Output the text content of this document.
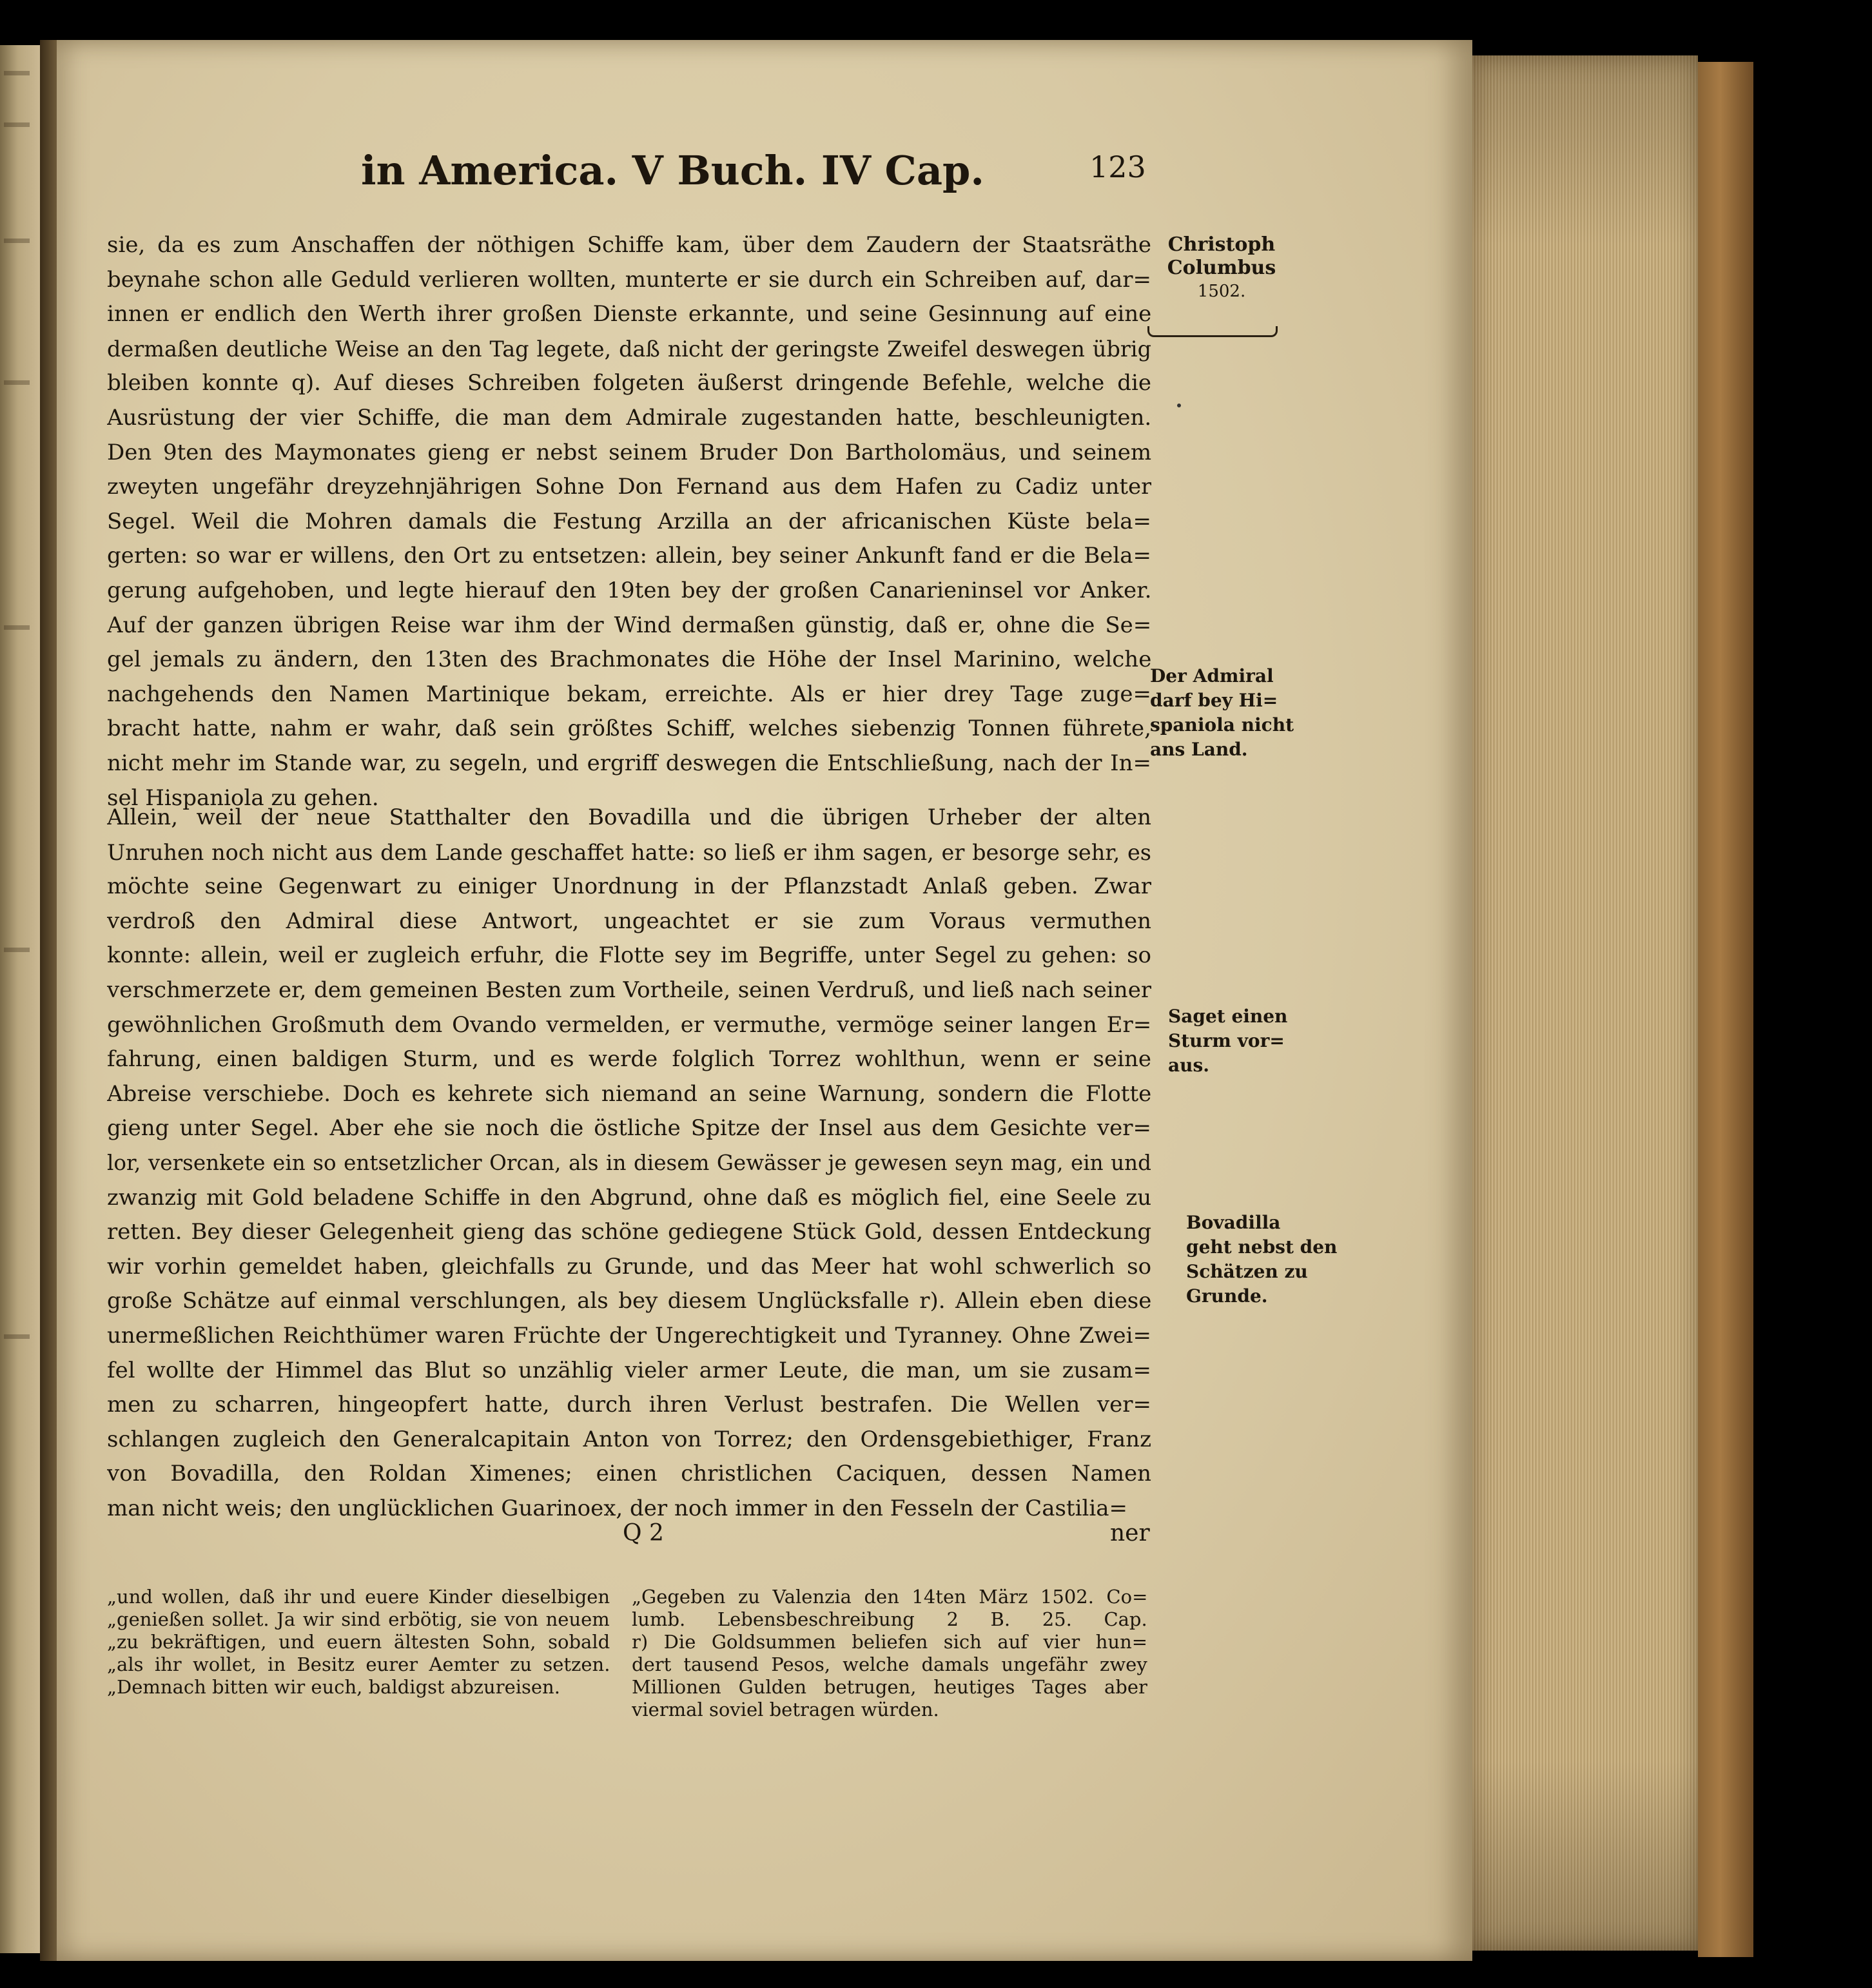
in America. V Buch. IV Cap.	123
sie, da es zum Anschaffen der nöthigen Schiffe kam, über dem Zaudern der Staatsräthe
beynahe schon alle Geduld verlieren wollten, munterte er sie durch ein Schreiben auf, dar=
innen er endlich den Werth ihrer großen Dienste erkannte, und seine Gesinnung auf eine
dermaßen deutliche Weise an den Tag legete, daß nicht der geringste Zweifel deswegen übrig
bleiben konnte q). Auf dieses Schreiben folgeten äußerst dringende Befehle, welche die
Ausrüstung der vier Schiffe, die man dem Admirale zugestanden hatte, beschleunigten.
Den 9ten des Maymonates gieng er nebst seinem Bruder Don Bartholomäus, und seinem
zweyten ungefähr dreyzehnjährigen Sohne Don Fernand aus dem Hafen zu Cadiz unter
Segel. Weil die Mohren damals die Festung Arzilla an der africanischen Küste bela=
gerten: so war er willens, den Ort zu entsetzen: allein, bey seiner Ankunft fand er die Bela=
gerung aufgehoben, und legte hierauf den 19ten bey der großen Canarieninsel vor Anker.
Auf der ganzen übrigen Reise war ihm der Wind dermaßen günstig, daß er, ohne die Se=
gel jemals zu ändern, den 13ten des Brachmonates die Höhe der Insel Marinino, welche
nachgehends den Namen Martinique bekam, erreichte. Als er hier drey Tage zuge=
bracht hatte, nahm er wahr, daß sein größtes Schiff, welches siebenzig Tonnen führete,
nicht mehr im Stande war, zu segeln, und ergriff deswegen die Entschließung, nach der In=
sel Hispaniola zu gehen.
Allein, weil der neue Statthalter den Bovadilla und die übrigen Urheber der alten
Unruhen noch nicht aus dem Lande geschaffet hatte: so ließ er ihm sagen, er besorge sehr, es
möchte seine Gegenwart zu einiger Unordnung in der Pflanzstadt Anlaß geben. Zwar
verdroß den Admiral diese Antwort, ungeachtet er sie zum Voraus vermuthen
konnte: allein, weil er zugleich erfuhr, die Flotte sey im Begriffe, unter Segel zu gehen: so
verschmerzete er, dem gemeinen Besten zum Vortheile, seinen Verdruß, und ließ nach seiner
gewöhnlichen Großmuth dem Ovando vermelden, er vermuthe, vermöge seiner langen Er=
fahrung, einen baldigen Sturm, und es werde folglich Torrez wohlthun, wenn er seine
Abreise verschiebe. Doch es kehrete sich niemand an seine Warnung, sondern die Flotte
gieng unter Segel. Aber ehe sie noch die östliche Spitze der Insel aus dem Gesichte ver=
lor, versenkete ein so entsetzlicher Orcan, als in diesem Gewässer je gewesen seyn mag, ein und
zwanzig mit Gold beladene Schiffe in den Abgrund, ohne daß es möglich fiel, eine Seele zu
retten. Bey dieser Gelegenheit gieng das schöne gediegene Stück Gold, dessen Entdeckung
wir vorhin gemeldet haben, gleichfalls zu Grunde, und das Meer hat wohl schwerlich so
große Schätze auf einmal verschlungen, als bey diesem Unglücksfalle r). Allein eben diese
unermeßlichen Reichthümer waren Früchte der Ungerechtigkeit und Tyranney. Ohne Zwei=
fel wollte der Himmel das Blut so unzählig vieler armer Leute, die man, um sie zusam=
men zu scharren, hingeopfert hatte, durch ihren Verlust bestrafen. Die Wellen ver=
schlangen zugleich den Generalcapitain Anton von Torrez; den Ordensgebiethiger, Franz
von Bovadilla, den Roldan Ximenes; einen christlichen Caciquen, dessen Namen
man nicht weis; den unglücklichen Guarinoex, der noch immer in den Fesseln der Castilia=
Christoph
Columbus
1502.
Der Admiral
darf bey Hi=
spaniola nicht
ans Land.
Saget einen
Sturm vor=
aus.
Bovadilla
geht nebst den
Schätzen zu
Grunde.
Q 2	ner
„und wollen, daß ihr und euere Kinder dieselbigen
„genießen sollet. Ja wir sind erbötig, sie von neuem
„zu bekräftigen, und euern ältesten Sohn, sobald
„als ihr wollet, in Besitz eurer Aemter zu setzen.
„Demnach bitten wir euch, baldigst abzureisen.
„Gegeben zu Valenzia den 14ten März 1502. Co=
lumb. Lebensbeschreibung 2 B. 25. Cap.
r) Die Goldsummen beliefen sich auf vier hun=
dert tausend Pesos, welche damals ungefähr zwey
Millionen Gulden betrugen, heutiges Tages aber
viermal soviel betragen würden.
